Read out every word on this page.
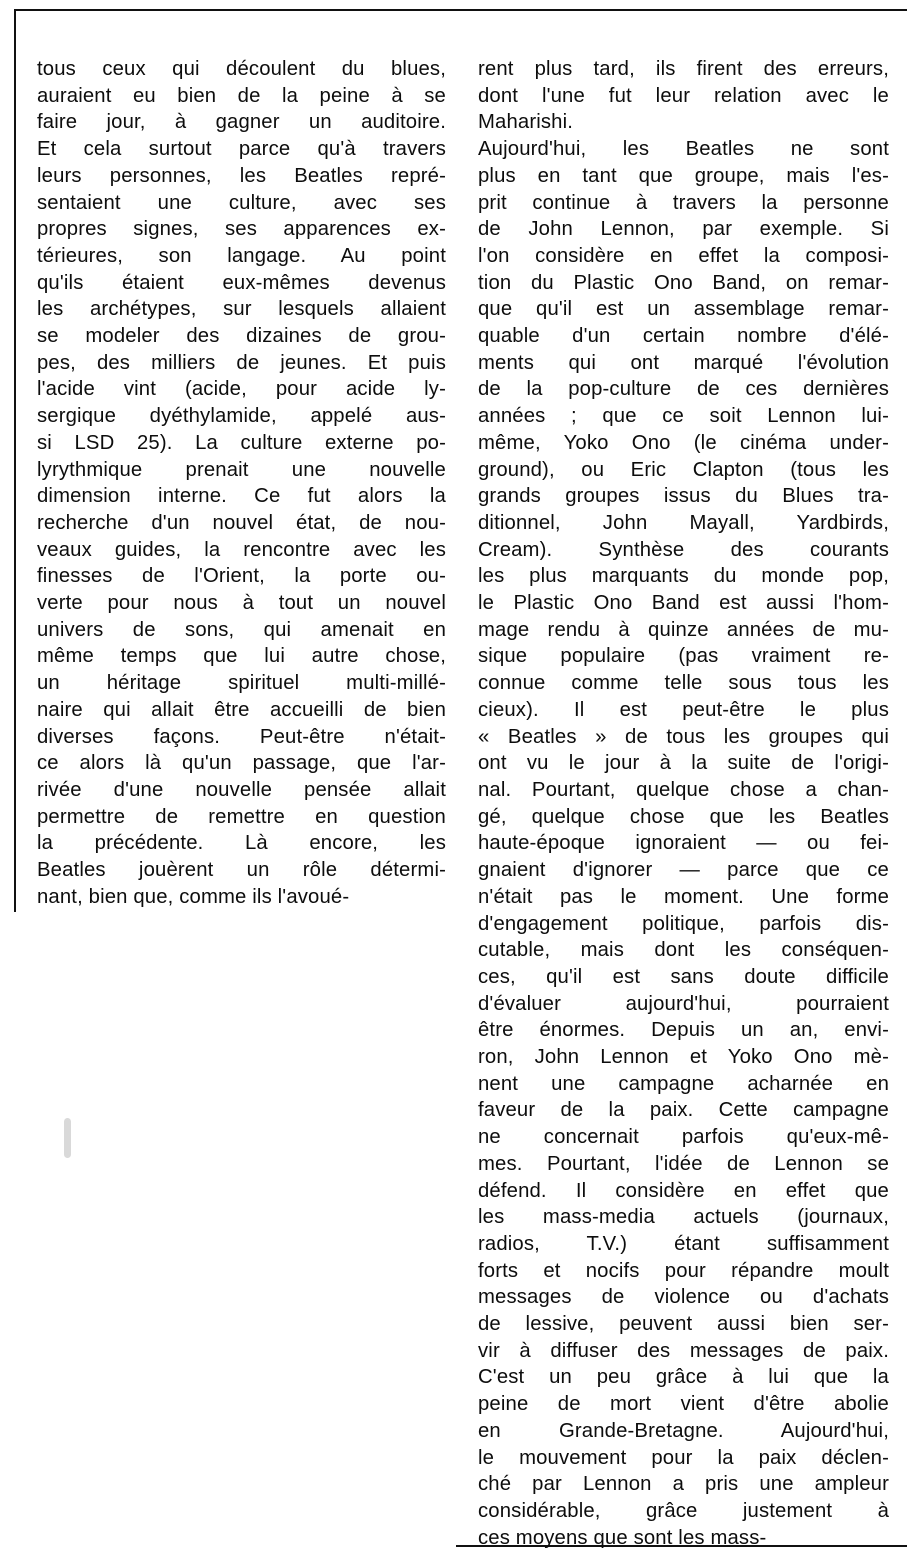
tous ceux qui découlent du blues,
auraient eu bien de la peine à se
faire jour, à gagner un auditoire.
Et cela surtout parce qu'à travers
leurs personnes, les Beatles repré-
sentaient une culture, avec ses
propres signes, ses apparences ex-
térieures, son langage. Au point
qu'ils étaient eux-mêmes devenus
les archétypes, sur lesquels allaient
se modeler des dizaines de grou-
pes, des milliers de jeunes. Et puis
l'acide vint (acide, pour acide ly-
sergique dyéthylamide, appelé aus-
si LSD 25). La culture externe po-
lyrythmique prenait une nouvelle
dimension interne. Ce fut alors la
recherche d'un nouvel état, de nou-
veaux guides, la rencontre avec les
finesses de l'Orient, la porte ou-
verte pour nous à tout un nouvel
univers de sons, qui amenait en
même temps que lui autre chose,
un héritage spirituel multi-millé-
naire qui allait être accueilli de bien
diverses façons. Peut-être n'était-
ce alors là qu'un passage, que l'ar-
rivée d'une nouvelle pensée allait
permettre de remettre en question
la précédente. Là encore, les
Beatles jouèrent un rôle détermi-
nant, bien que, comme ils l'avoué-
rent plus tard, ils firent des erreurs,
dont l'une fut leur relation avec le
Maharishi.
Aujourd'hui, les Beatles ne sont
plus en tant que groupe, mais l'es-
prit continue à travers la personne
de John Lennon, par exemple. Si
l'on considère en effet la composi-
tion du Plastic Ono Band, on remar-
que qu'il est un assemblage remar-
quable d'un certain nombre d'élé-
ments qui ont marqué l'évolution
de la pop-culture de ces dernières
années ; que ce soit Lennon lui-
même, Yoko Ono (le cinéma under-
ground), ou Eric Clapton (tous les
grands groupes issus du Blues tra-
ditionnel, John Mayall, Yardbirds,
Cream). Synthèse des courants
les plus marquants du monde pop,
le Plastic Ono Band est aussi l'hom-
mage rendu à quinze années de mu-
sique populaire (pas vraiment re-
connue comme telle sous tous les
cieux). Il est peut-être le plus
« Beatles » de tous les groupes qui
ont vu le jour à la suite de l'origi-
nal. Pourtant, quelque chose a chan-
gé, quelque chose que les Beatles
haute-époque ignoraient — ou fei-
gnaient d'ignorer — parce que ce
n'était pas le moment. Une forme
d'engagement politique, parfois dis-
cutable, mais dont les conséquen-
ces, qu'il est sans doute difficile
d'évaluer aujourd'hui, pourraient
être énormes. Depuis un an, envi-
ron, John Lennon et Yoko Ono mè-
nent une campagne acharnée en
faveur de la paix. Cette campagne
ne concernait parfois qu'eux-mê-
mes. Pourtant, l'idée de Lennon se
défend. Il considère en effet que
les mass-media actuels (journaux,
radios, T.V.) étant suffisamment
forts et nocifs pour répandre moult
messages de violence ou d'achats
de lessive, peuvent aussi bien ser-
vir à diffuser des messages de paix.
C'est un peu grâce à lui que la
peine de mort vient d'être abolie
en Grande-Bretagne. Aujourd'hui,
le mouvement pour la paix déclen-
ché par Lennon a pris une ampleur
considérable, grâce justement à
ces moyens que sont les mass-
